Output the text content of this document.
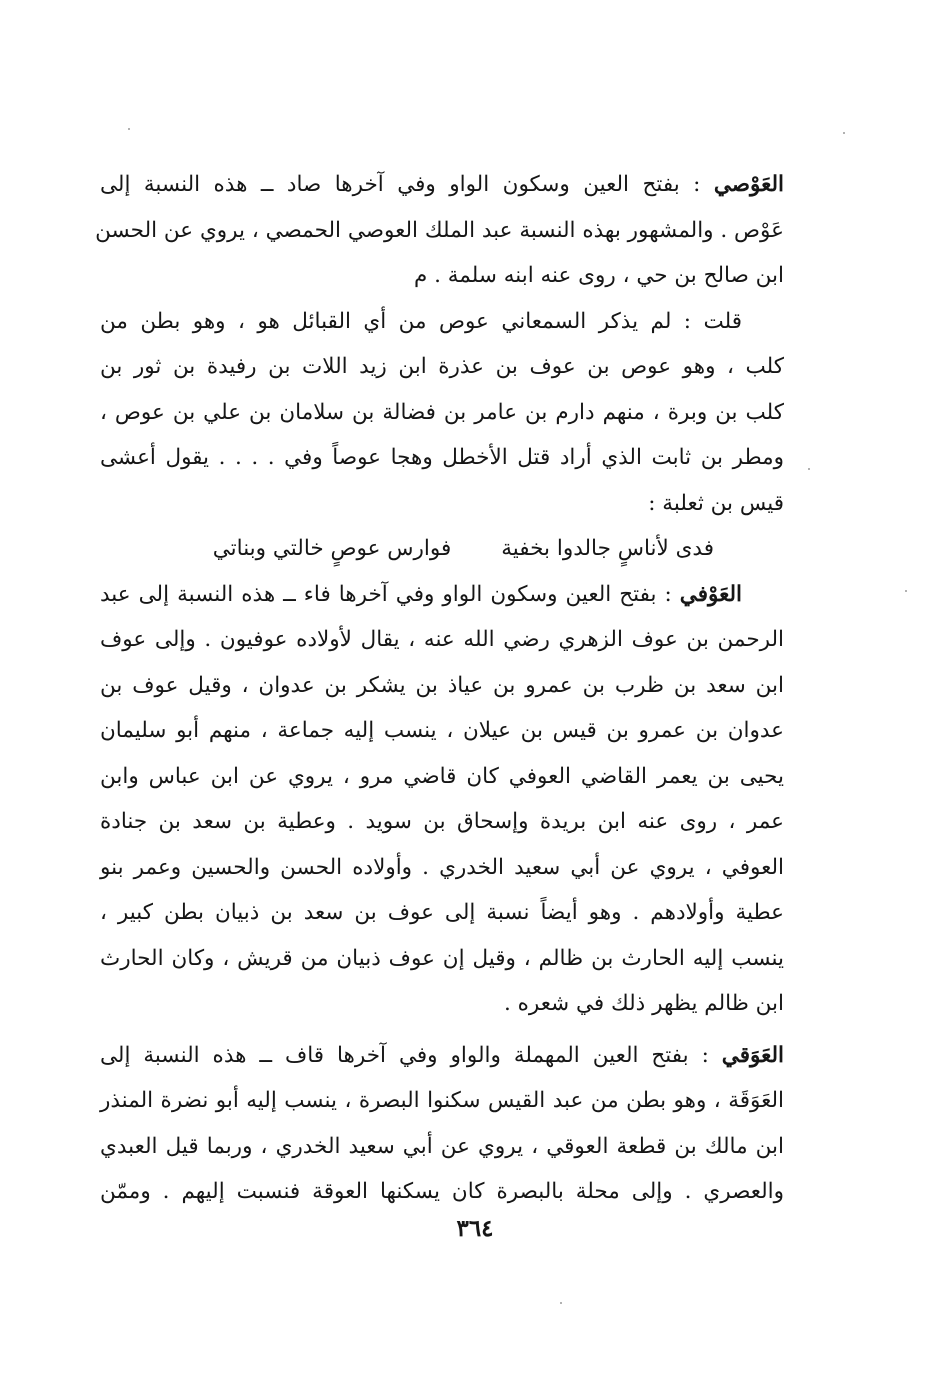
العَوْصي : بفتح العين وسكون الواو وفي آخرها صاد ــ هذه النسبة إلى
عَوْص . والمشهور بهذه النسبة عبد الملك العوصي الحمصي ، يروي عن الحسن
ابن صالح بن حي ، روى عنه ابنه سلمة . م
قلت : لم يذكر السمعاني عوص من أي القبائل هو ، وهو بطن من
كلب ، وهو عوص بن عوف بن عذرة ابن زيد اللات بن رفيدة بن ثور بن
كلب بن وبرة ، منهم دارم بن عامر بن فضالة بن سلامان بن علي بن عوص ،
ومطر بن ثابت الذي أراد قتل الأخطل وهجا عوصاً وفي . . . . يقول أعشى
قيس بن ثعلبة :
فدى لأناسٍ جالدوا بخفيةفوارس عوصٍ خالتي وبناتي
العَوْفي : بفتح العين وسكون الواو وفي آخرها فاء ــ هذه النسبة إلى عبد
الرحمن بن عوف الزهري رضي الله عنه ، يقال لأولاده عوفيون . وإلى عوف
ابن سعد بن ظرب بن عمرو بن عياذ بن يشكر بن عدوان ، وقيل عوف بن
عدوان بن عمرو بن قيس بن عيلان ، ينسب إليه جماعة ، منهم أبو سليمان
يحيى بن يعمر القاضي العوفي كان قاضي مرو ، يروي عن ابن عباس وابن
عمر ، روى عنه ابن بريدة وإسحاق بن سويد . وعطية بن سعد بن جنادة
العوفي ، يروي عن أبي سعيد الخدري . وأولاده الحسن والحسين وعمر بنو
عطية وأولادهم . وهو أيضاً نسبة إلى عوف بن سعد بن ذبيان بطن كبير ،
ينسب إليه الحارث بن ظالم ، وقيل إن عوف ذبيان من قريش ، وكان الحارث
ابن ظالم يظهر ذلك في شعره .
العَوَقي : بفتح العين المهملة والواو وفي آخرها قاف ــ هذه النسبة إلى
العَوَقَة ، وهو بطن من عبد القيس سكنوا البصرة ، ينسب إليه أبو نضرة المنذر
ابن مالك بن قطعة العوقي ، يروي عن أبي سعيد الخدري ، وربما قيل العبدي
والعصري . وإلى محلة بالبصرة كان يسكنها العوقة فنسبت إليهم . وممّن
٣٦٤
